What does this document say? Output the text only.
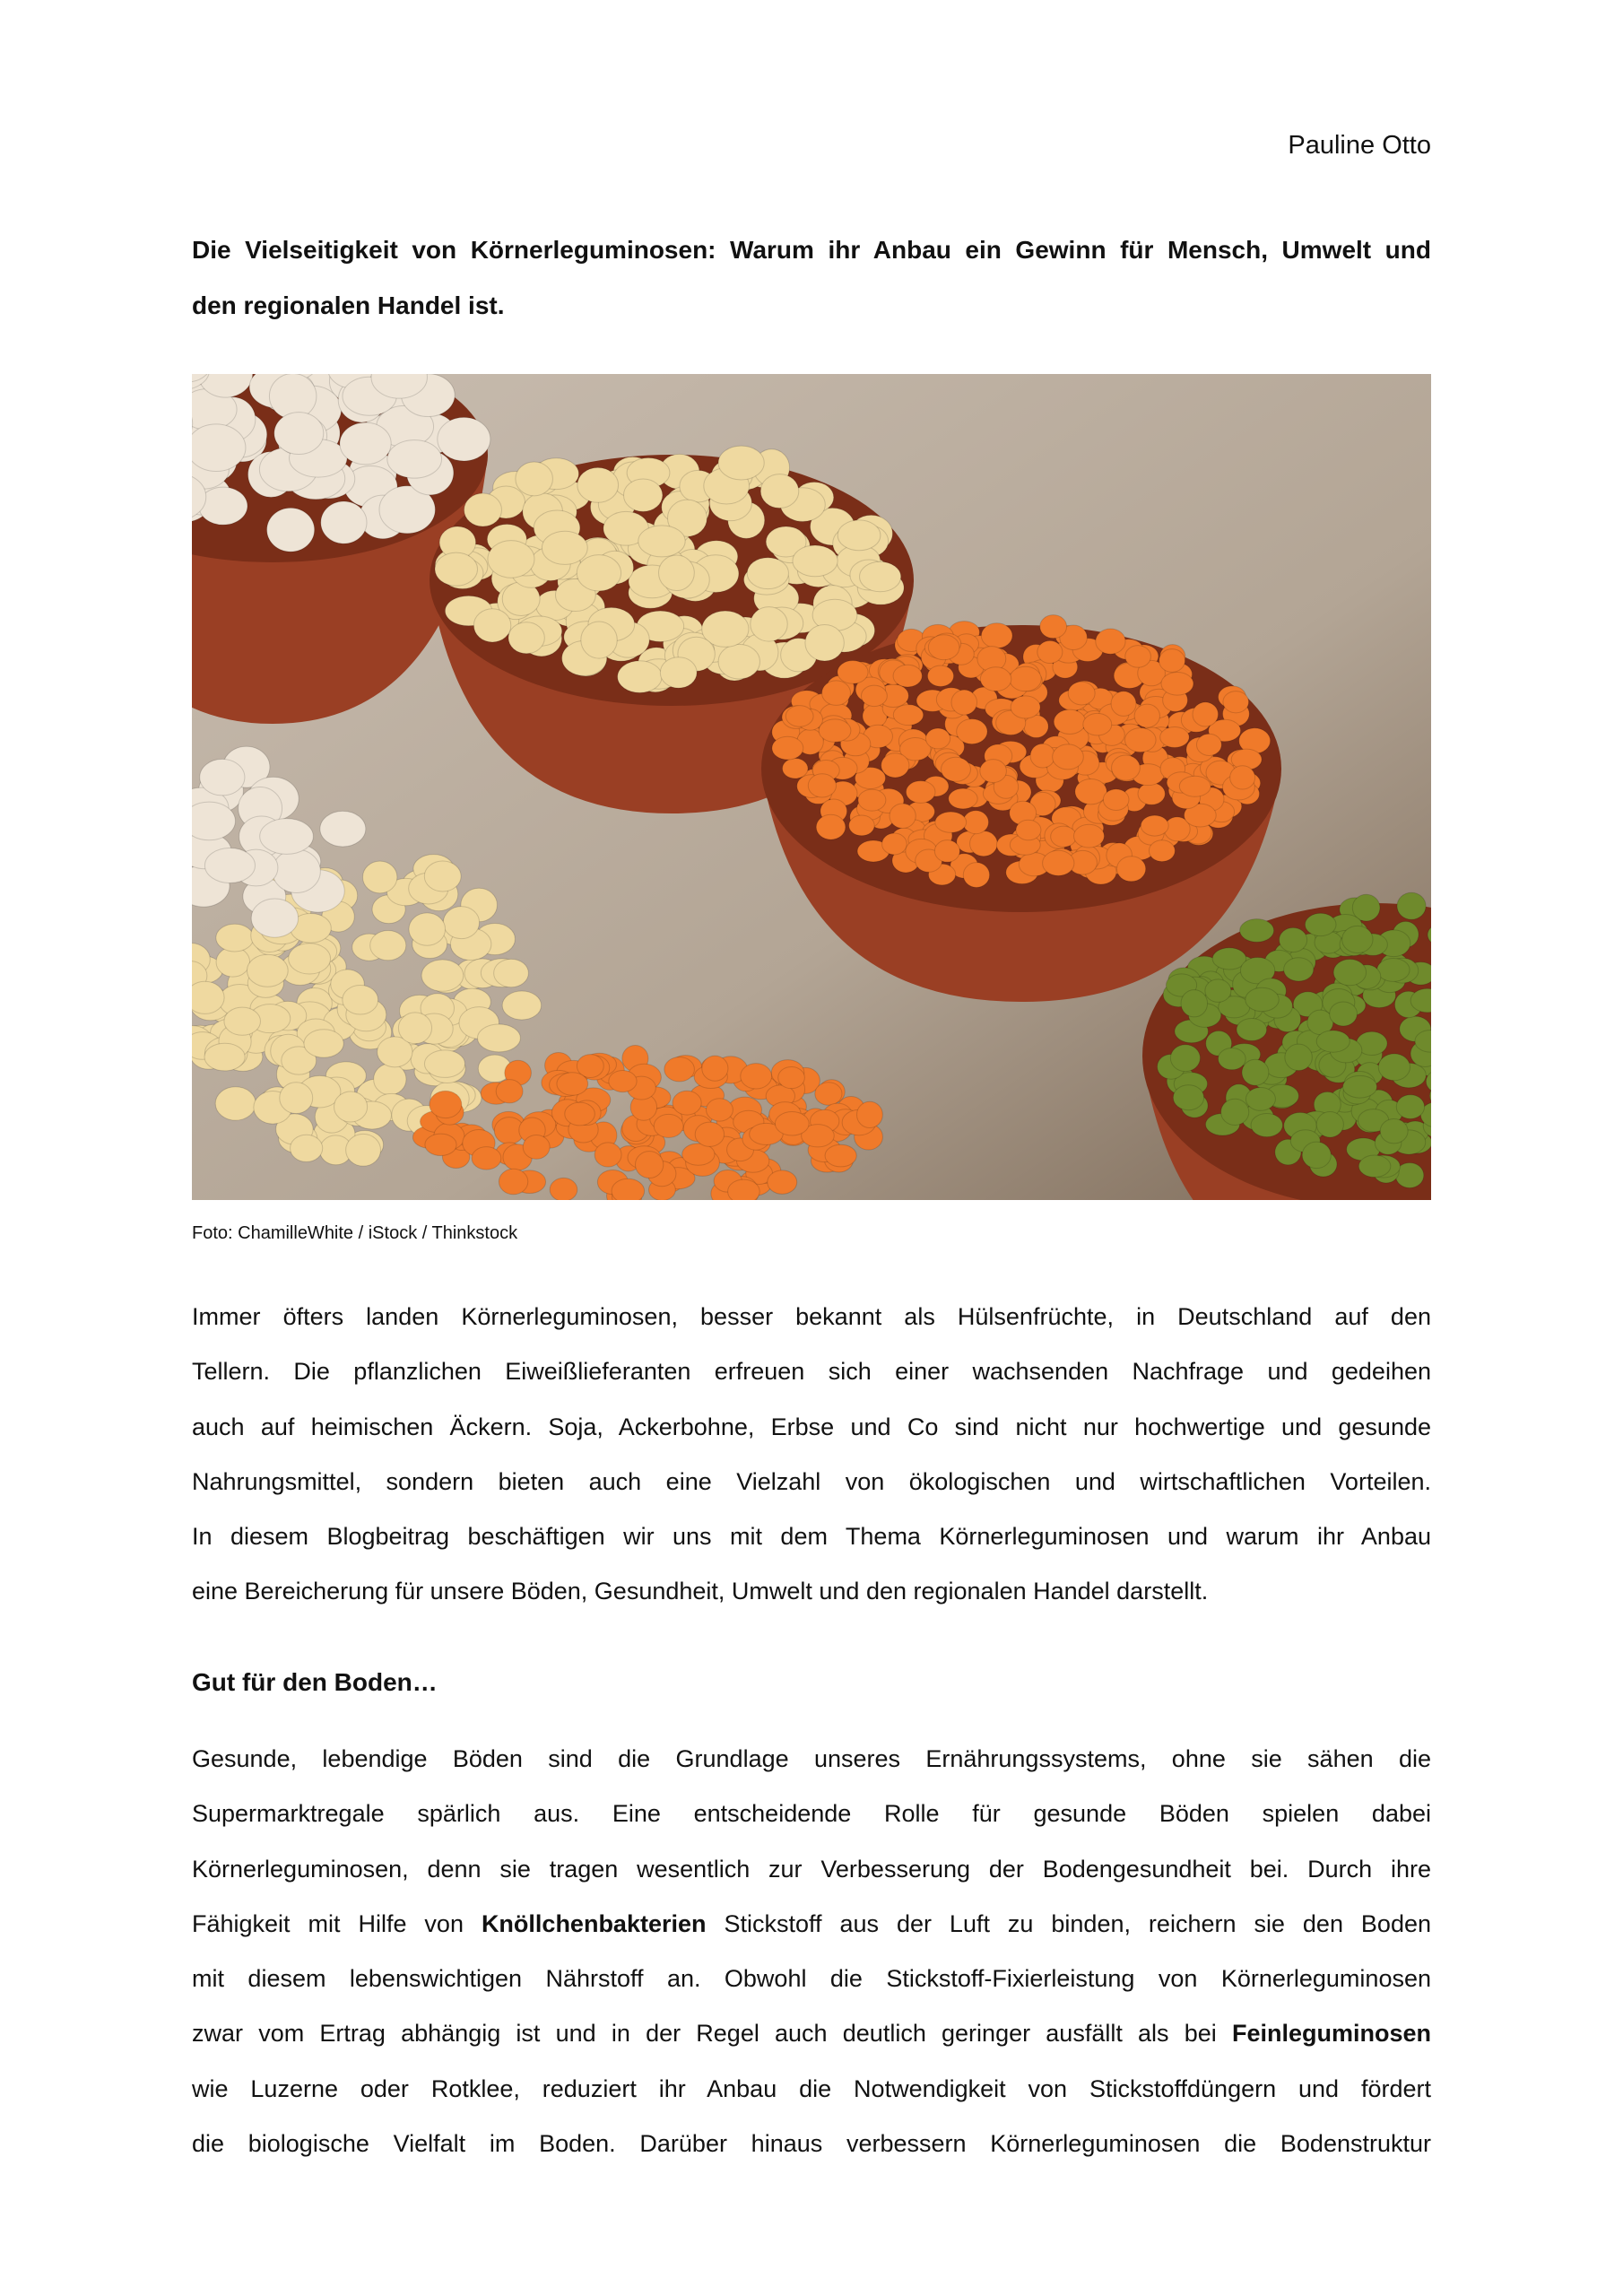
Pauline Otto
Die Vielseitigkeit von Körnerleguminosen: Warum ihr Anbau ein Gewinn für Mensch, Umwelt und
den regionalen Handel ist.
Foto: ChamilleWhite / iStock / Thinkstock
Immer öfters landen Körnerleguminosen, besser bekannt als Hülsenfrüchte, in Deutschland auf den
Tellern. Die pflanzlichen Eiweißlieferanten erfreuen sich einer wachsenden Nachfrage und gedeihen
auch auf heimischen Äckern. Soja, Ackerbohne, Erbse und Co sind nicht nur hochwertige und gesunde
Nahrungsmittel, sondern bieten auch eine Vielzahl von ökologischen und wirtschaftlichen Vorteilen.
In diesem Blogbeitrag beschäftigen wir uns mit dem Thema Körnerleguminosen und warum ihr Anbau
eine Bereicherung für unsere Böden, Gesundheit, Umwelt und den regionalen Handel darstellt.
Gut für den Boden…
Gesunde, lebendige Böden sind die Grundlage unseres Ernährungssystems, ohne sie sähen die
Supermarktregale spärlich aus. Eine entscheidende Rolle für gesunde Böden spielen dabei
Körnerleguminosen, denn sie tragen wesentlich zur Verbesserung der Bodengesundheit bei. Durch ihre
Fähigkeit mit Hilfe von Knöllchenbakterien Stickstoff aus der Luft zu binden, reichern sie den Boden
mit diesem lebenswichtigen Nährstoff an. Obwohl die Stickstoff-Fixierleistung von Körnerleguminosen
zwar vom Ertrag abhängig ist und in der Regel auch deutlich geringer ausfällt als bei Feinleguminosen
wie Luzerne oder Rotklee, reduziert ihr Anbau die Notwendigkeit von Stickstoffdüngern und fördert
die biologische Vielfalt im Boden. Darüber hinaus verbessern Körnerleguminosen die Bodenstruktur
